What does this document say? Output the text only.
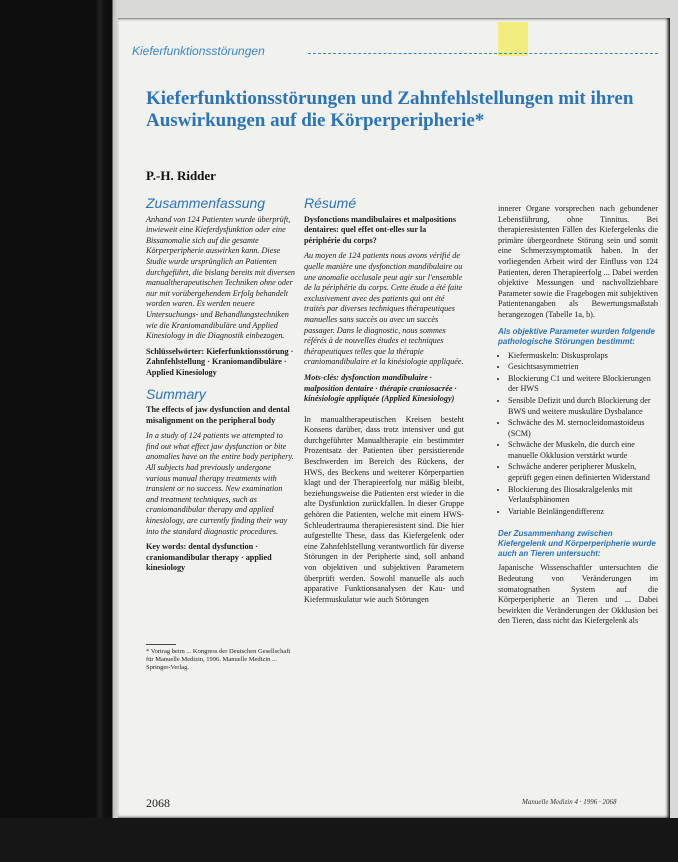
Kieferfunktionsstörungen
Kieferfunktionsstörungen und Zahnfehlstellungen mit ihren Auswirkungen auf die Körperperipherie*
P.-H. Ridder
Zusammenfassung

Anhand von 124 Patienten wurde überprüft, inwieweit eine Kieferdysfunktion oder eine Bissanomalie sich auf die gesamte Körperperipherie auswirken kann. Diese Studie wurde ursprünglich an Patienten durchgeführt, die bislang bereits mit diversen manualtherapeutischen Techniken ohne oder nur mit vorübergehendem Erfolg behandelt worden waren. Es werden neuere Untersuchungs- und Behandlungstechniken wie die Kraniomandibuläre und Applied Kinesiology in die Diagnostik einbezogen.

Schlüsselwörter: Kieferfunktionsstörung · Zahnfehlstellung · Kraniomandibuläre · Applied Kinesiology

Summary

The effects of jaw dysfunction and dental misalignment on the peripheral body

In a study of 124 patients we attempted to find out what effect jaw dysfunction or bite anomalies have on the entire body periphery. All subjects had previously undergone various manual therapy treatments with transient or no success. New examination and treatment techniques, such as craniomandibular therapy and applied kinesiology, are currently finding their way into the standard diagnostic procedures.

Key words: dental dysfunction · craniomandibular therapy · applied kinesiology

* Vortrag beim ... Kongress der Deutschen Gesellschaft für Manuelle Medizin, 1996. Manuelle Medizin ... Springer-Verlag.

Résumé

Dysfonctions mandibulaires et malpositions dentaires: quel effet ont-elles sur la périphérie du corps?

Au moyen de 124 patients nous avons vérifié de quelle manière une dysfonction mandibulaire ou une anomalie occlusale peut agir sur l'ensemble de la périphérie du corps. Cette étude a été faite exclusivement avec des patients qui ont été traités par diverses techniques thérapeutiques manuelles sans succès ou avec un succès passager. Dans le diagnostic, nous sommes référés à de nouvelles études et techniques thérapeutiques telles que la thérapie craniomandibulaire et la kinésiologie appliquée.

Mots-clés: dysfonction mandibulaire · malposition dentaire · thérapie craniosacrée · kinésiologie appliquée (Applied Kinesiology)

In manualtherapeutischen Kreisen besteht Konsens darüber, dass trotz intensiver und gut durchgeführter Manualtherapie ein bestimmter Prozentsatz der Patienten über persistierende Beschwerden im Bereich des Rückens, der HWS, des Beckens und weiterer Körperpartien klagt und der Therapieerfolg nur mäßig bleibt, beziehungsweise die Patienten erst wieder in die alte Dysfunktion zurückfallen. In dieser Gruppe gehören die Patienten, welche mit einem HWS-Schleudertrauma therapieresistent sind. Die hier aufgestellte These, dass das Kiefergelenk oder eine Zahnfehlstellung verantwortlich für diverse Störungen in der Peripherie sind, soll anhand von objektiven und subjektiven Parametern überprüft werden. Sowohl manuelle als auch apparative Funktionsanalysen der Kau- und Kiefermuskulatur wie auch Störungen

innerer Organe vorsprechen nach gebundener Lebensführung, ohne Tinnitus. Bei therapieresistenten Fällen des Kiefergelenks die primäre übergeordnete Störung sein und somit eine Schmerzsymptomatik haben. In der vorliegenden Arbeit wird der Einfluss von 124 Patienten, deren Therapieerfolg ... Dabei werden objektive Messungen und nachvollziehbare Parameter sowie die Fragebogen mit subjektiven Patientenangaben als Bewertungsmaßstab herangezogen (Tabelle 1a, b).

Als objektive Parameter wurden folgende pathologische Störungen bestimmt:
• Kiefermuskeln: Diskusprolaps
• Gesichtsasymmetrien
• Blockierung C1 und weitere Blockierungen der HWS
• Sensible Defizit und durch Blockierung der BWS und weitere muskuläre Dysbalance
• Schwäche des M. sternocleidomastoideus (SCM)
• Schwäche der Muskeln, die durch eine manuelle Okklusion verstärkt wurde
• Schwäche anderer peripherer Muskeln, geprüft gegen einen definierten Widerstand
• Blockierung des Iliosakralgelenks mit Verlaufsphänomen
• Variable Beinlängendifferenz
Der Zusammenhang zwischen Kiefergelenk und Körperperipherie wurde auch an Tieren untersucht:

Japanische Wissenschaftler untersuchten die Bedeutung von Veränderungen im stomatognathen System auf die Körperperipherie an Tieren und ... Dabei bewirkten die Veränderungen der Okklusion bei den Tieren, dass nicht das Kiefergelenk als

2068	Manuelle Medizin 4 · 1996 · 2068
